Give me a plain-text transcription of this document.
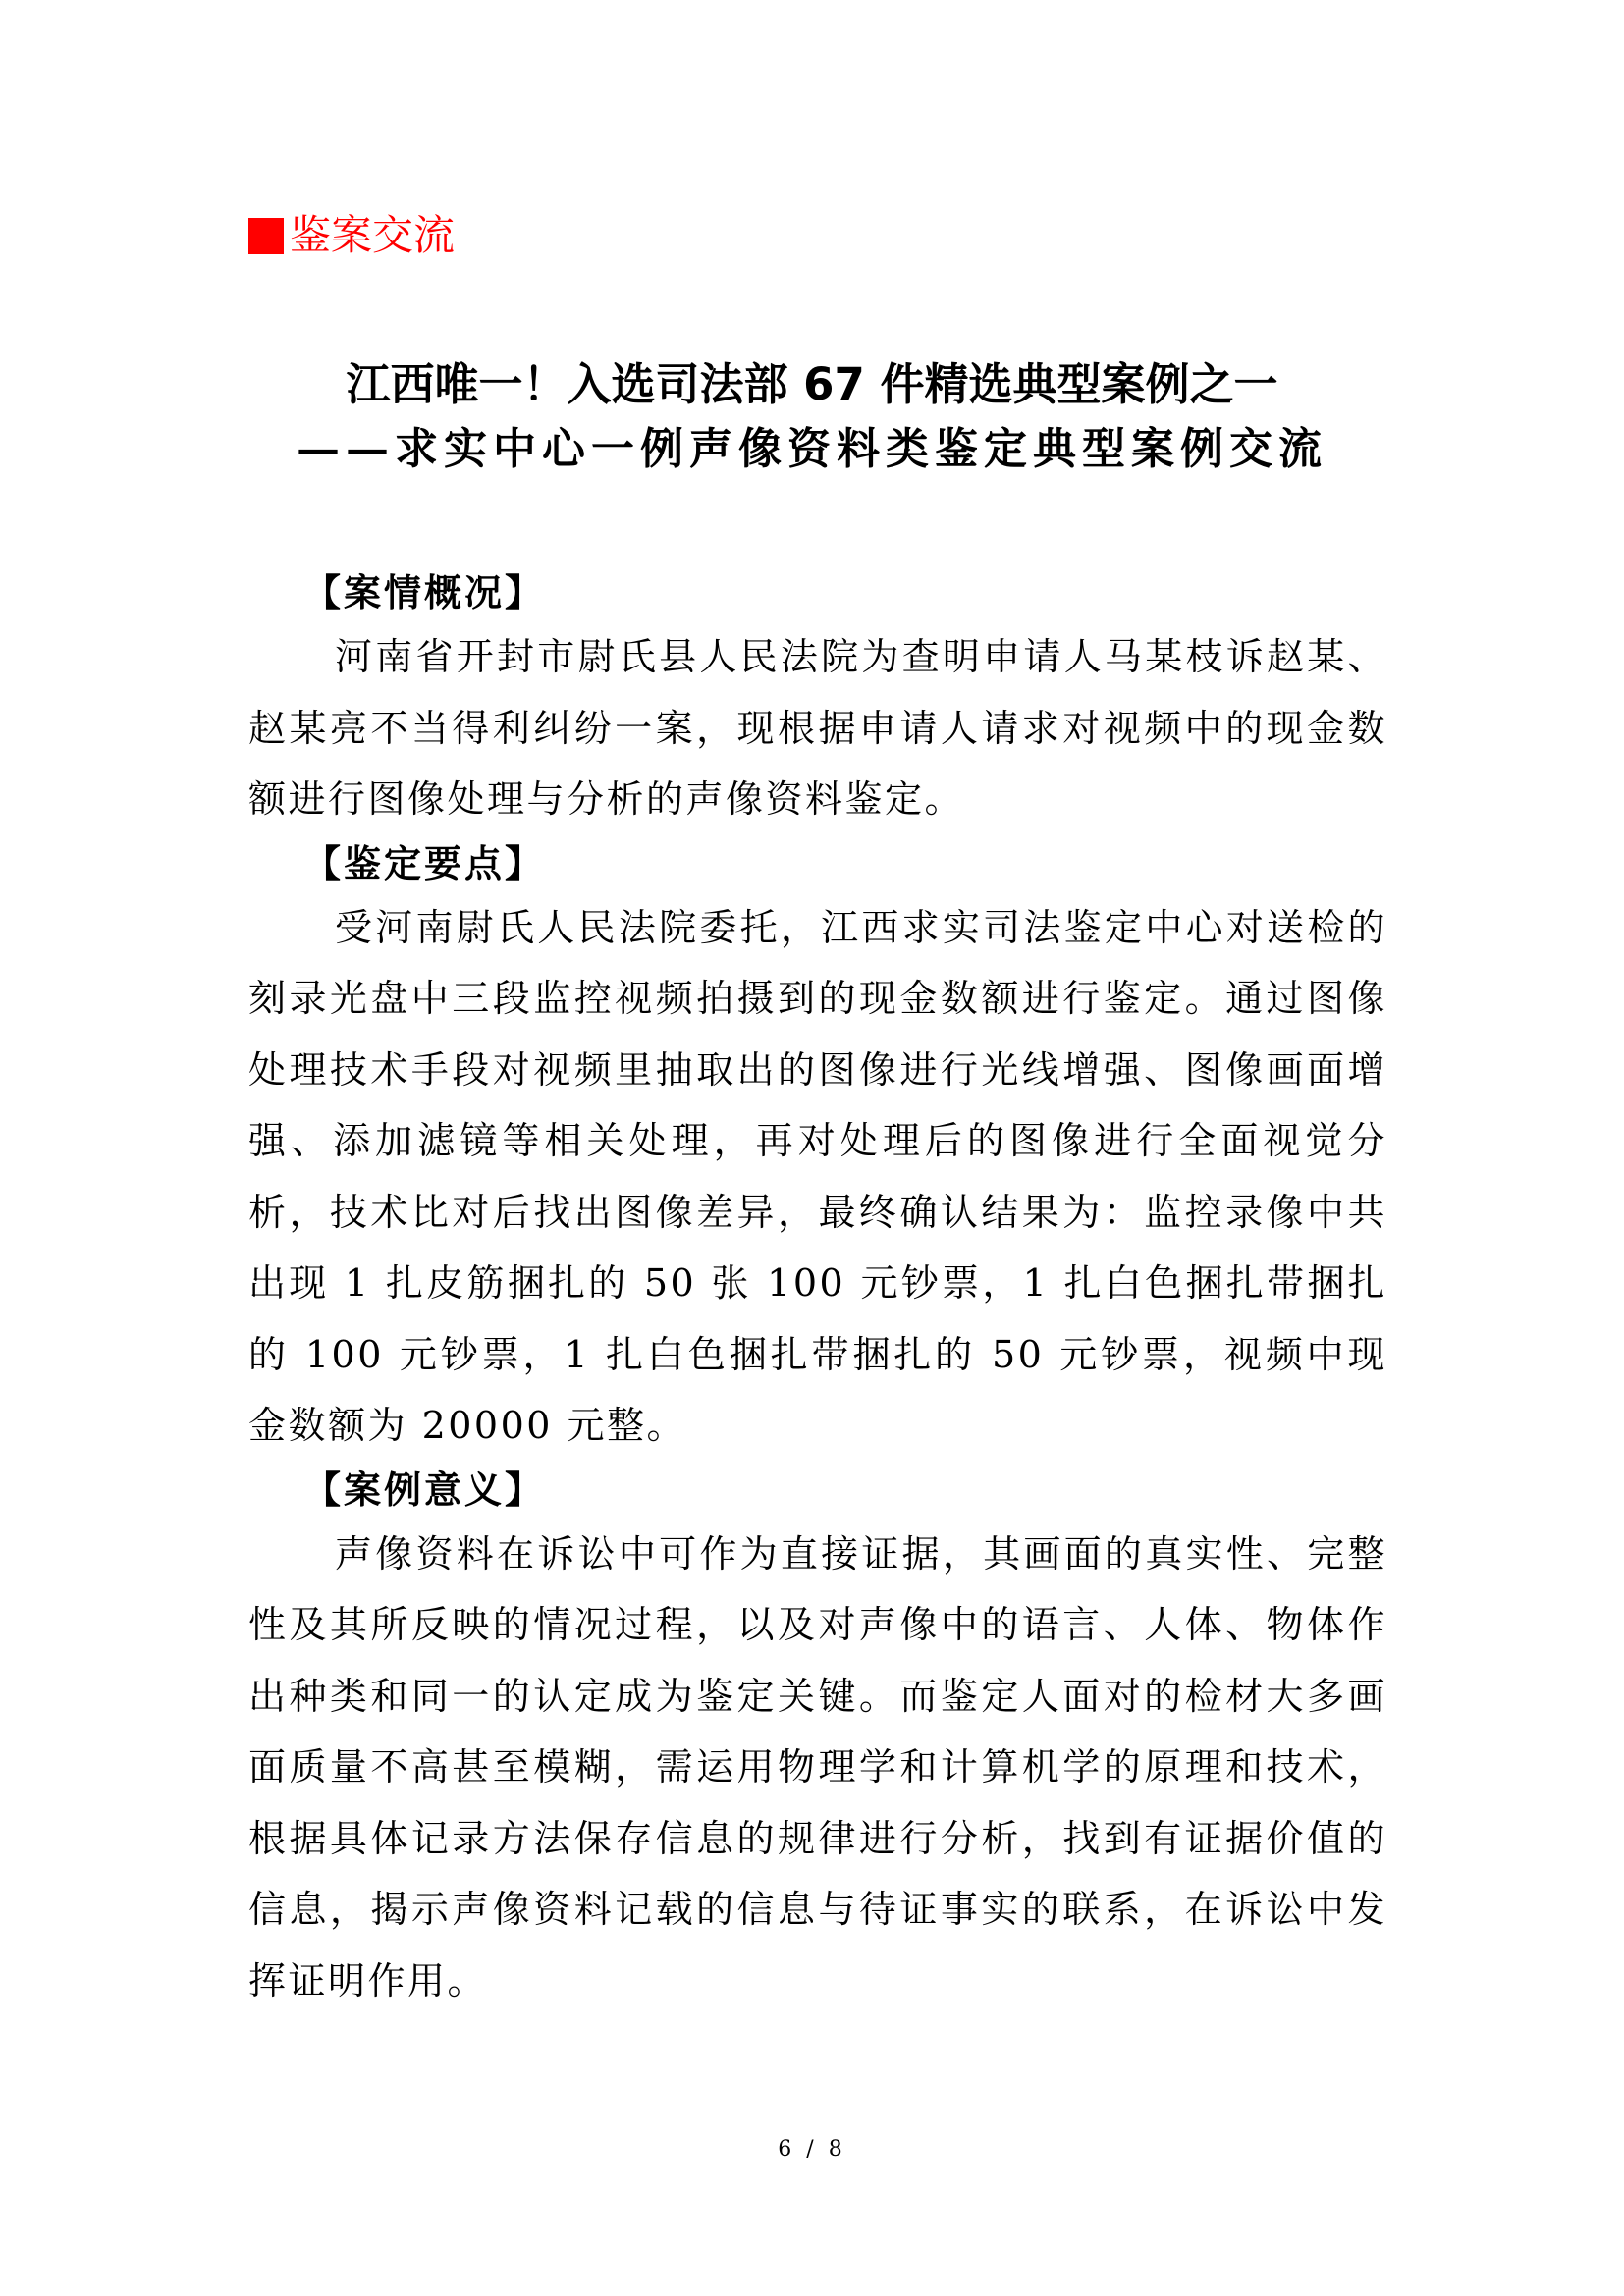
鉴案交流
江西唯一！入选司法部 67 件精选典型案例之一
——求实中心一例声像资料类鉴定典型案例交流
【案情概况】

河南省开封市尉氏县人民法院为查明申请人马某枝诉赵某、赵某亮不当得利纠纷一案，现根据申请人请求对视频中的现金数额进行图像处理与分析的声像资料鉴定。

【鉴定要点】

受河南尉氏人民法院委托，江西求实司法鉴定中心对送检的刻录光盘中三段监控视频拍摄到的现金数额进行鉴定。通过图像处理技术手段对视频里抽取出的图像进行光线增强、图像画面增强、添加滤镜等相关处理，再对处理后的图像进行全面视觉分析，技术比对后找出图像差异，最终确认结果为：监控录像中共出现 1 扎皮筋捆扎的 50 张 100 元钞票，1 扎白色捆扎带捆扎的 100 元钞票，1 扎白色捆扎带捆扎的 50 元钞票，视频中现金数额为 20000 元整。

【案例意义】

声像资料在诉讼中可作为直接证据，其画面的真实性、完整性及其所反映的情况过程，以及对声像中的语言、人体、物体作出种类和同一的认定成为鉴定关键。而鉴定人面对的检材大多画面质量不高甚至模糊，需运用物理学和计算机学的原理和技术，根据具体记录方法保存信息的规律进行分析，找到有证据价值的信息，揭示声像资料记载的信息与待证事实的联系，在诉讼中发挥证明作用。

6 / 8
